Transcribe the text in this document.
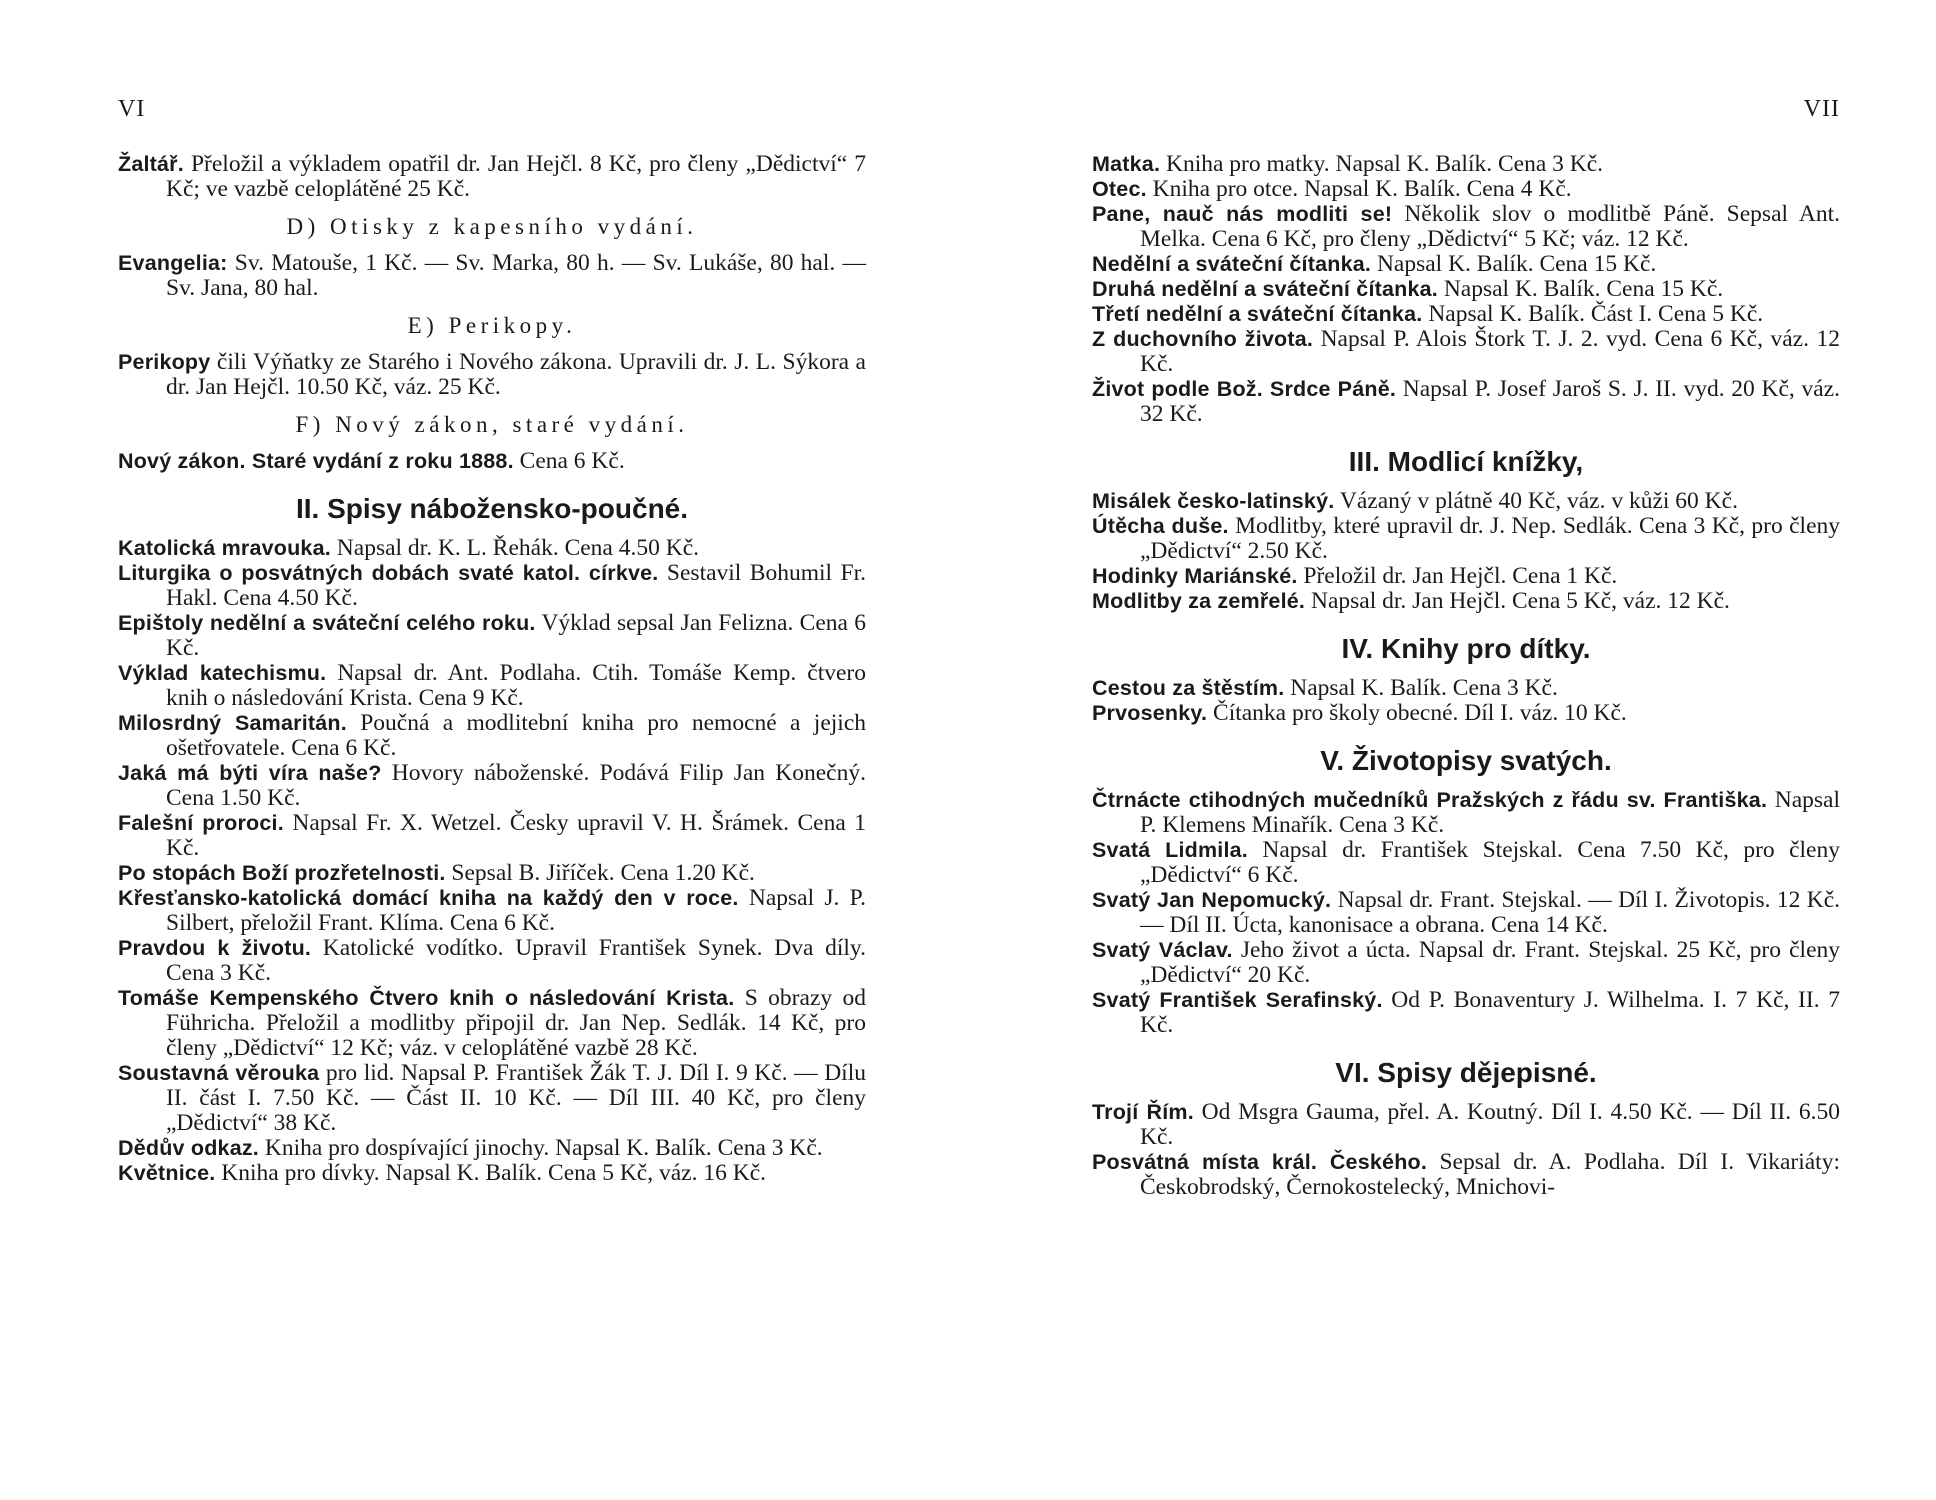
VI

Žaltář. Přeložil a výkladem opatřil dr. Jan Hejčl. 8 Kč, pro členy „Dědictví“ 7 Kč; ve vazbě celoplátěné 25 Kč.

D) Otisky z kapesního vydání.

Evangelia: Sv. Matouše, 1 Kč. — Sv. Marka, 80 h. — Sv. Lukáše, 80 hal. — Sv. Jana, 80 hal.

E) Perikopy.

Perikopy čili Výňatky ze Starého i Nového zákona. Upravili dr. J. L. Sýkora a dr. Jan Hejčl. 10.50 Kč, váz. 25 Kč.

F) Nový zákon, staré vydání.

Nový zákon. Staré vydání z roku 1888. Cena 6 Kč.

II. Spisy nábožensko-poučné.

Katolická mravouka. Napsal dr. K. L. Řehák. Cena 4.50 Kč.

Liturgika o posvátných dobách svaté katol. církve. Sestavil Bohumil Fr. Hakl. Cena 4.50 Kč.

Epištoly nedělní a sváteční celého roku. Výklad sepsal Jan Felizna. Cena 6 Kč.

Výklad katechismu. Napsal dr. Ant. Podlaha. Ctih. Tomáše Kemp. čtvero knih o následování Krista. Cena 9 Kč.

Milosrdný Samaritán. Poučná a modlitební kniha pro nemocné a jejich ošetřovatele. Cena 6 Kč.

Jaká má býti víra naše? Hovory náboženské. Podává Filip Jan Konečný. Cena 1.50 Kč.

Falešní proroci. Napsal Fr. X. Wetzel. Česky upravil V. H. Šrámek. Cena 1 Kč.

Po stopách Boží prozřetelnosti. Sepsal B. Jiříček. Cena 1.20 Kč.

Křesťansko-katolická domácí kniha na každý den v roce. Napsal J. P. Silbert, přeložil Frant. Klíma. Cena 6 Kč.

Pravdou k životu. Katolické vodítko. Upravil František Synek. Dva díly. Cena 3 Kč.

Tomáše Kempenského Čtvero knih o následování Krista. S obrazy od Führicha. Přeložil a modlitby připojil dr. Jan Nep. Sedlák. 14 Kč, pro členy „Dědictví“ 12 Kč; váz. v celoplátěné vazbě 28 Kč.

Soustavná věrouka pro lid. Napsal P. František Žák T. J. Díl I. 9 Kč. — Dílu II. část I. 7.50 Kč. — Část II. 10 Kč. — Díl III. 40 Kč, pro členy „Dědictví“ 38 Kč.

Dědův odkaz. Kniha pro dospívající jinochy. Napsal K. Balík. Cena 3 Kč.

Květnice. Kniha pro dívky. Napsal K. Balík. Cena 5 Kč, váz. 16 Kč.

VII

Matka. Kniha pro matky. Napsal K. Balík. Cena 3 Kč.

Otec. Kniha pro otce. Napsal K. Balík. Cena 4 Kč.

Pane, nauč nás modliti se! Několik slov o modlitbě Páně. Sepsal Ant. Melka. Cena 6 Kč, pro členy „Dědictví“ 5 Kč; váz. 12 Kč.

Nedělní a sváteční čítanka. Napsal K. Balík. Cena 15 Kč.

Druhá nedělní a sváteční čítanka. Napsal K. Balík. Cena 15 Kč.

Třetí nedělní a sváteční čítanka. Napsal K. Balík. Část I. Cena 5 Kč.

Z duchovního života. Napsal P. Alois Štork T. J. 2. vyd. Cena 6 Kč, váz. 12 Kč.

Život podle Bož. Srdce Páně. Napsal P. Josef Jaroš S. J. II. vyd. 20 Kč, váz. 32 Kč.

III. Modlicí knížky,

Misálek česko-latinský. Vázaný v plátně 40 Kč, váz. v kůži 60 Kč.

Útěcha duše. Modlitby, které upravil dr. J. Nep. Sedlák. Cena 3 Kč, pro členy „Dědictví“ 2.50 Kč.

Hodinky Mariánské. Přeložil dr. Jan Hejčl. Cena 1 Kč.

Modlitby za zemřelé. Napsal dr. Jan Hejčl. Cena 5 Kč, váz. 12 Kč.

IV. Knihy pro dítky.

Cestou za štěstím. Napsal K. Balík. Cena 3 Kč.

Prvosenky. Čítanka pro školy obecné. Díl I. váz. 10 Kč.

V. Životopisy svatých.

Čtrnácte ctihodných mučedníků Pražských z řádu sv. Františka. Napsal P. Klemens Minařík. Cena 3 Kč.

Svatá Lidmila. Napsal dr. František Stejskal. Cena 7.50 Kč, pro členy „Dědictví“ 6 Kč.

Svatý Jan Nepomucký. Napsal dr. Frant. Stejskal. — Díl I. Životopis. 12 Kč. — Díl II. Úcta, kanonisace a obrana. Cena 14 Kč.

Svatý Václav. Jeho život a úcta. Napsal dr. Frant. Stejskal. 25 Kč, pro členy „Dědictví“ 20 Kč.

Svatý František Serafinský. Od P. Bonaventury J. Wilhelma. I. 7 Kč, II. 7 Kč.

VI. Spisy dějepisné.

Trojí Řím. Od Msgra Gauma, přel. A. Koutný. Díl I. 4.50 Kč. — Díl II. 6.50 Kč.

Posvátná místa král. Českého. Sepsal dr. A. Podlaha. Díl I. Vikariáty: Českobrodský, Černokostelecký, Mnichovi-
